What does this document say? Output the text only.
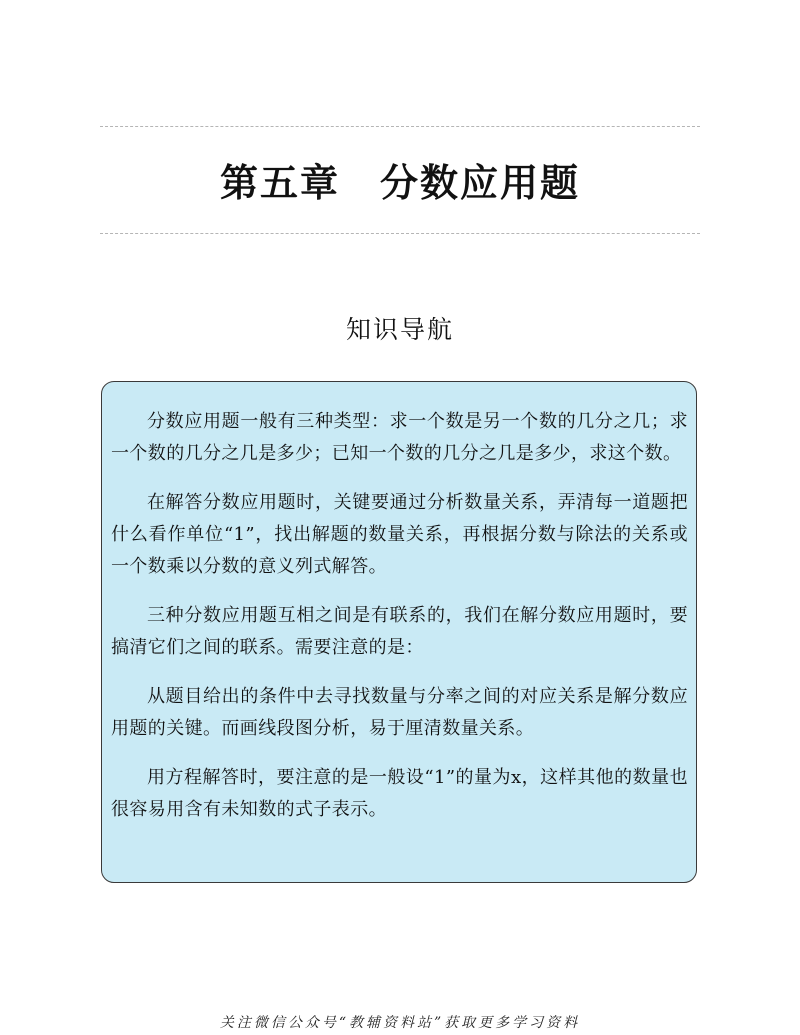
第五章　分数应用题
知识导航

分数应用题一般有三种类型：求一个数是另一个数的几分之几；求一个数的几分之几是多少；已知一个数的几分之几是多少，求这个数。

在解答分数应用题时，关键要通过分析数量关系，弄清每一道题把什么看作单位“1”，找出解题的数量关系，再根据分数与除法的关系或一个数乘以分数的意义列式解答。

三种分数应用题互相之间是有联系的，我们在解分数应用题时，要搞清它们之间的联系。需要注意的是：

从题目给出的条件中去寻找数量与分率之间的对应关系是解分数应用题的关键。而画线段图分析，易于厘清数量关系。

用方程解答时，要注意的是一般设“1”的量为x，这样其他的数量也很容易用含有未知数的式子表示。

关注微信公众号“教辅资料站”获取更多学习资料
